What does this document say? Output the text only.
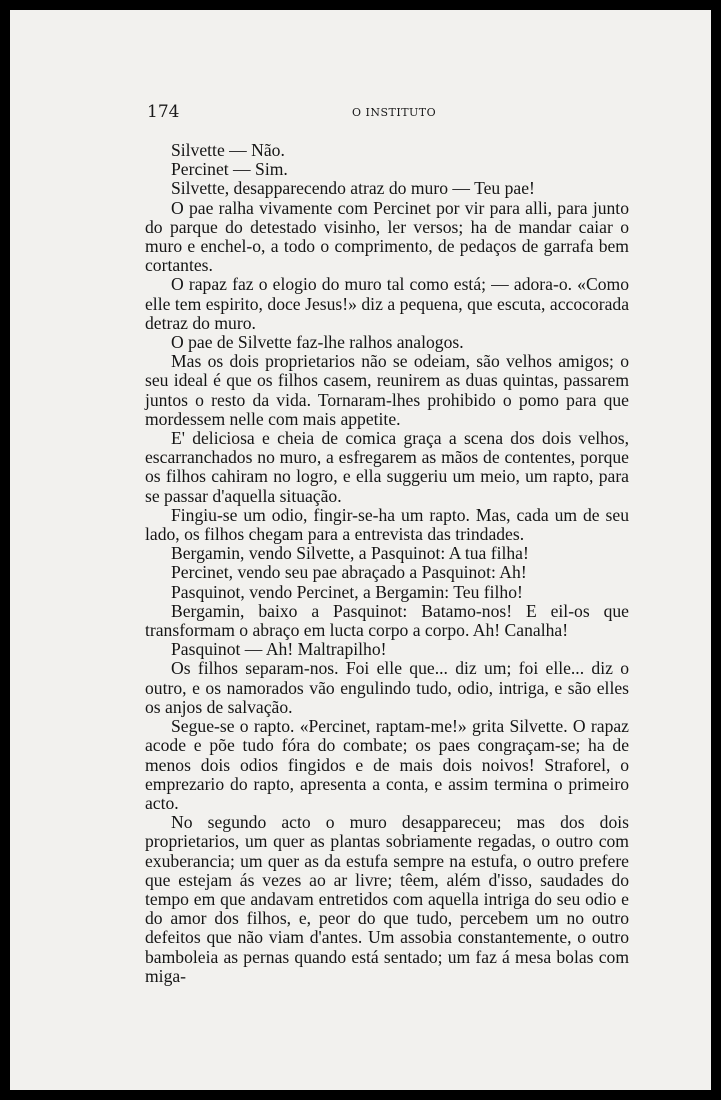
174	O INSTITUTO

Silvette — Não.

Percinet — Sim.

Silvette, desapparecendo atraz do muro — Teu pae!

O pae ralha vivamente com Percinet por vir para alli, para junto do parque do detestado visinho, ler versos; ha de mandar caiar o muro e enchel-o, a todo o comprimento, de pedaços de garrafa bem cortantes.

O rapaz faz o elogio do muro tal como está; — adora-o. «Como elle tem espirito, doce Jesus!» diz a pequena, que escuta, accocorada detraz do muro.

O pae de Silvette faz-lhe ralhos analogos.

Mas os dois proprietarios não se odeiam, são velhos amigos; o seu ideal é que os filhos casem, reunirem as duas quintas, passarem juntos o resto da vida. Tornaram-lhes prohibido o pomo para que mordessem nelle com mais appetite.

E' deliciosa e cheia de comica graça a scena dos dois velhos, escarranchados no muro, a esfregarem as mãos de contentes, porque os filhos cahiram no logro, e ella suggeriu um meio, um rapto, para se passar d'aquella situação.

Fingiu-se um odio, fingir-se-ha um rapto. Mas, cada um de seu lado, os filhos chegam para a entrevista das trindades.

Bergamin, vendo Silvette, a Pasquinot: A tua filha!

Percinet, vendo seu pae abraçado a Pasquinot: Ah!

Pasquinot, vendo Percinet, a Bergamin: Teu filho!

Bergamin, baixo a Pasquinot: Batamo-nos! E eil-os que transformam o abraço em lucta corpo a corpo. Ah! Canalha!

Pasquinot — Ah! Maltrapilho!

Os filhos separam-nos. Foi elle que... diz um; foi elle... diz o outro, e os namorados vão engulindo tudo, odio, intriga, e são elles os anjos de salvação.

Segue-se o rapto. «Percinet, raptam-me!» grita Silvette. O rapaz acode e põe tudo fóra do combate; os paes congraçam-se; ha de menos dois odios fingidos e de mais dois noivos! Straforel, o emprezario do rapto, apresenta a conta, e assim termina o primeiro acto.

No segundo acto o muro desappareceu; mas dos dois proprietarios, um quer as plantas sobriamente regadas, o outro com exuberancia; um quer as da estufa sempre na estufa, o outro prefere que estejam ás vezes ao ar livre; têem, além d'isso, saudades do tempo em que andavam entretidos com aquella intriga do seu odio e do amor dos filhos, e, peor do que tudo, percebem um no outro defeitos que não viam d'antes. Um assobia constantemente, o outro bamboleia as pernas quando está sentado; um faz á mesa bolas com miga-
